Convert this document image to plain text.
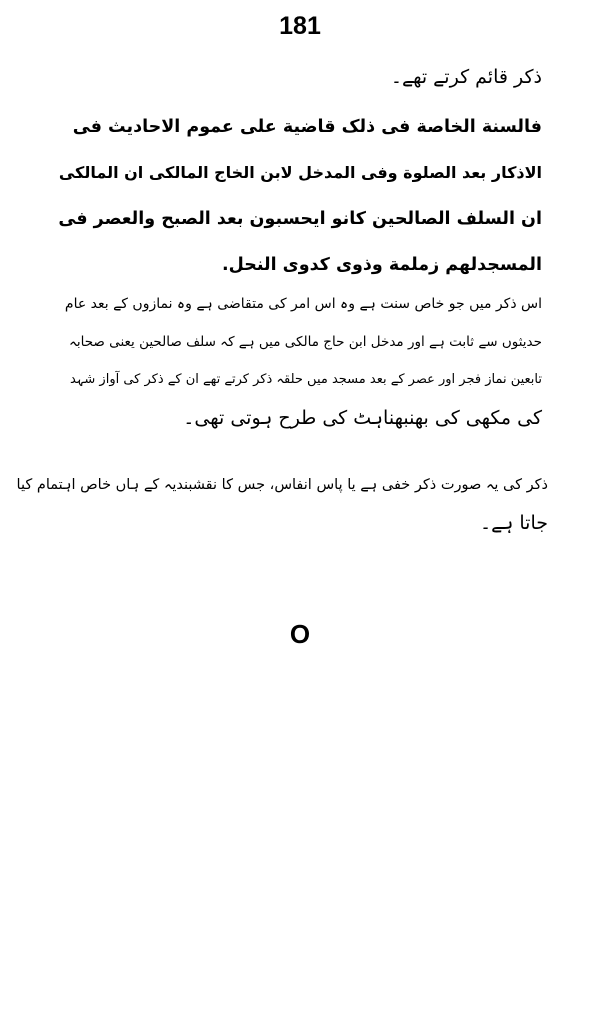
181
ذکر قائم کرتے تھے۔
فالسنة الخاصة فی ذلک قاضیة علی عموم الاحادیث فی
الاذکار بعد الصلوة وفی المدخل لابن الخاج المالکی ان المالکی
ان السلف الصالحین کانو ایحسبون بعد الصبح والعصر فی
المسجدلهم زملمة وذوی کدوی النحل.
اس ذکر میں جو خاص سنت ہے وہ اس امر کی متقاضی ہے وہ نمازوں کے بعد عام
حدیثوں سے ثابت ہے اور مدخل ابن حاج مالکی میں ہے کہ سلف صالحین یعنی صحابہ
تابعین نماز فجر اور عصر کے بعد مسجد میں حلقہ ذکر کرتے تھے ان کے ذکر کی آواز شہد
کی مکھی کی بھنبھناہٹ کی طرح ہوتی تھی۔
ذکر کی یہ صورت ذکر خفی ہے یا پاس انفاس، جس کا نقشبندیہ کے ہاں خاص اہتمام کیا
جاتا ہے۔
O
